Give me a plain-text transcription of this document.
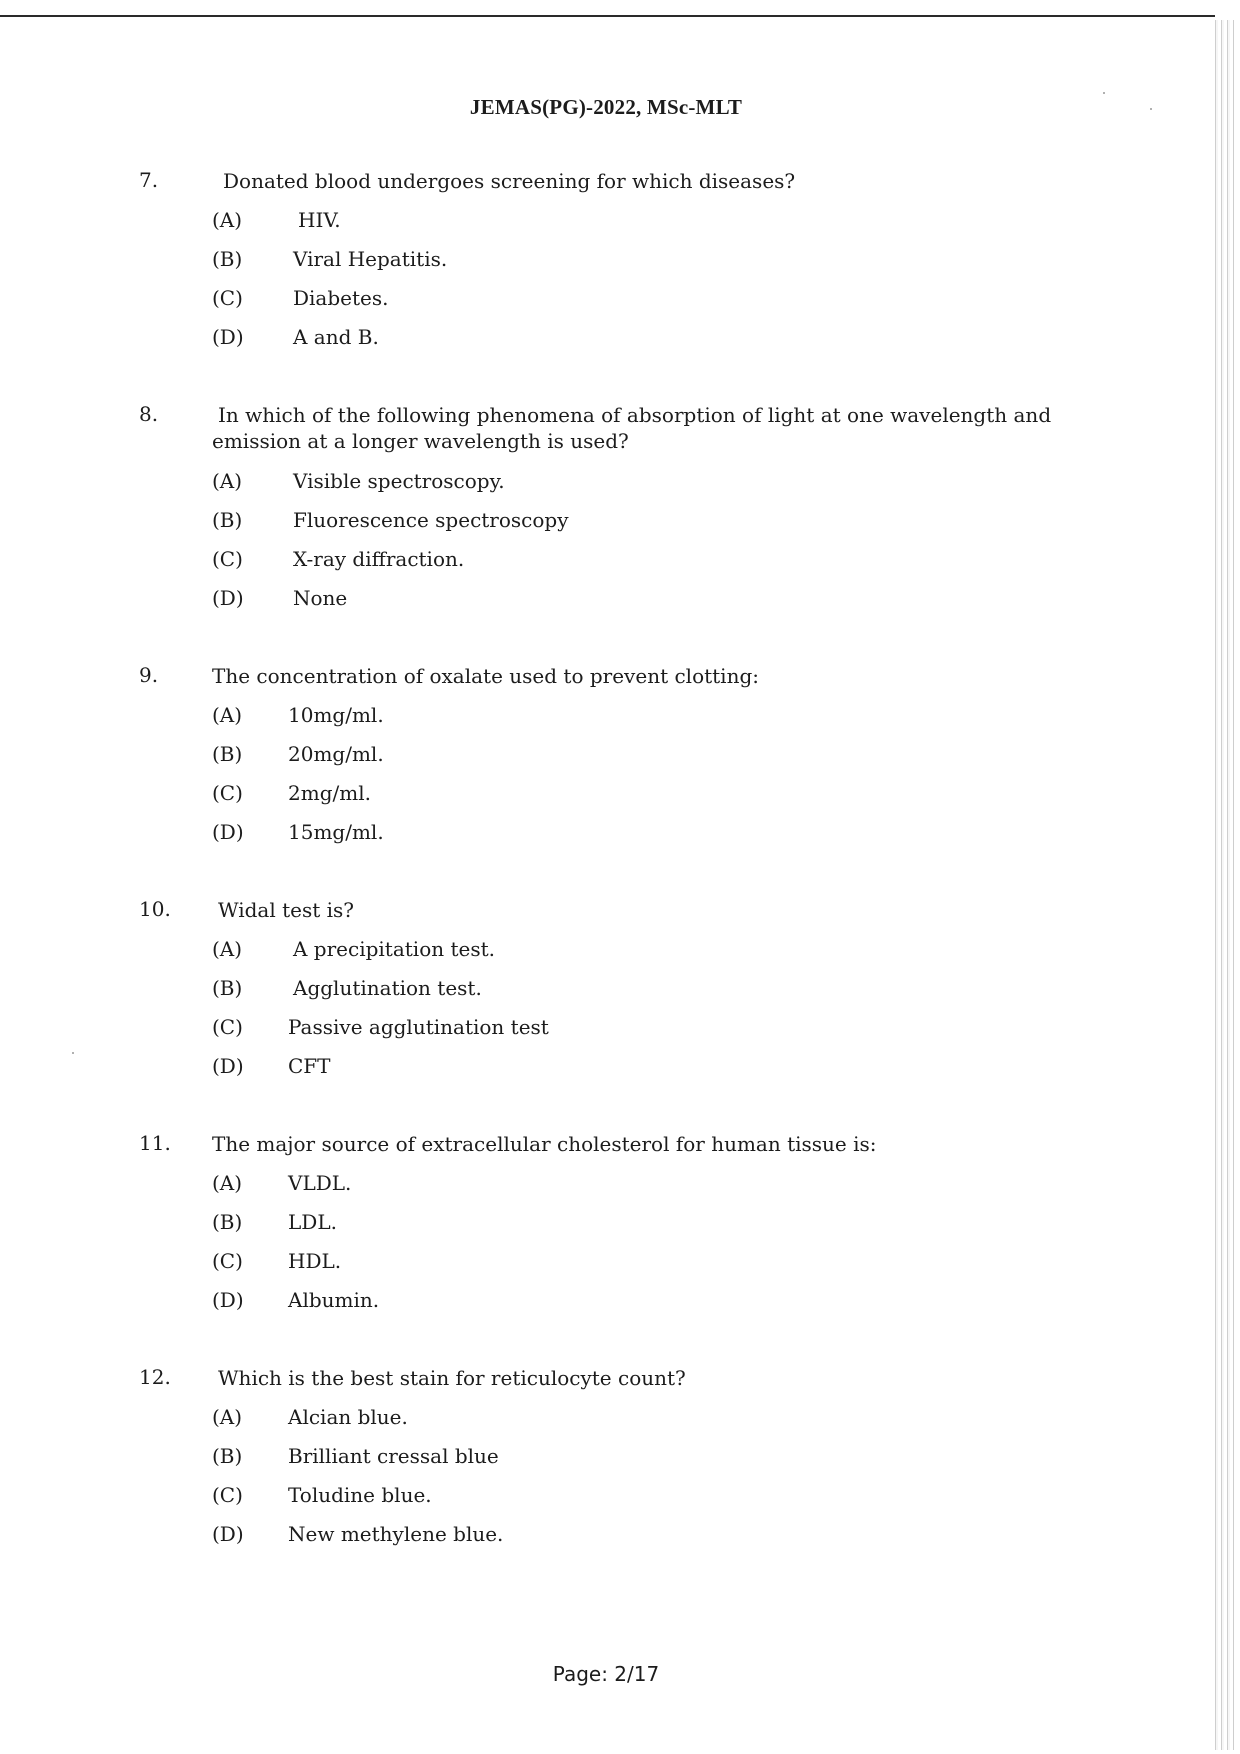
JEMAS(PG)-2022, MSc-MLT
7.	Donated blood undergoes screening for which diseases?
(A)	HIV.
(B)	Viral Hepatitis.
(C)	Diabetes.
(D) A and B.
8.	In which of the following phenomena of absorption of light at one wavelength and emission at a longer wavelength is used?
(A)	Visible spectroscopy.
(B)	Fluorescence spectroscopy
(C)	X-ray diffraction.
(D) None
9.	The concentration of oxalate used to prevent clotting:
(A) 10mg/ml.
(B) 20mg/ml.
(C) 2mg/ml.
(D) 15mg/ml.
10. Widal test is?
(A)	A precipitation test.
(B)	Agglutination test.
(C) Passive agglutination test
(D) CFT
11. The major source of extracellular cholesterol for human tissue is:
(A) VLDL.
(B) LDL.
(C) HDL.
(D) Albumin.
12. Which is the best stain for reticulocyte count?
(A) Alcian blue.
(B) Brilliant cressal blue
(C) Toludine blue.
(D) New methylene blue.
Page: 2/17
